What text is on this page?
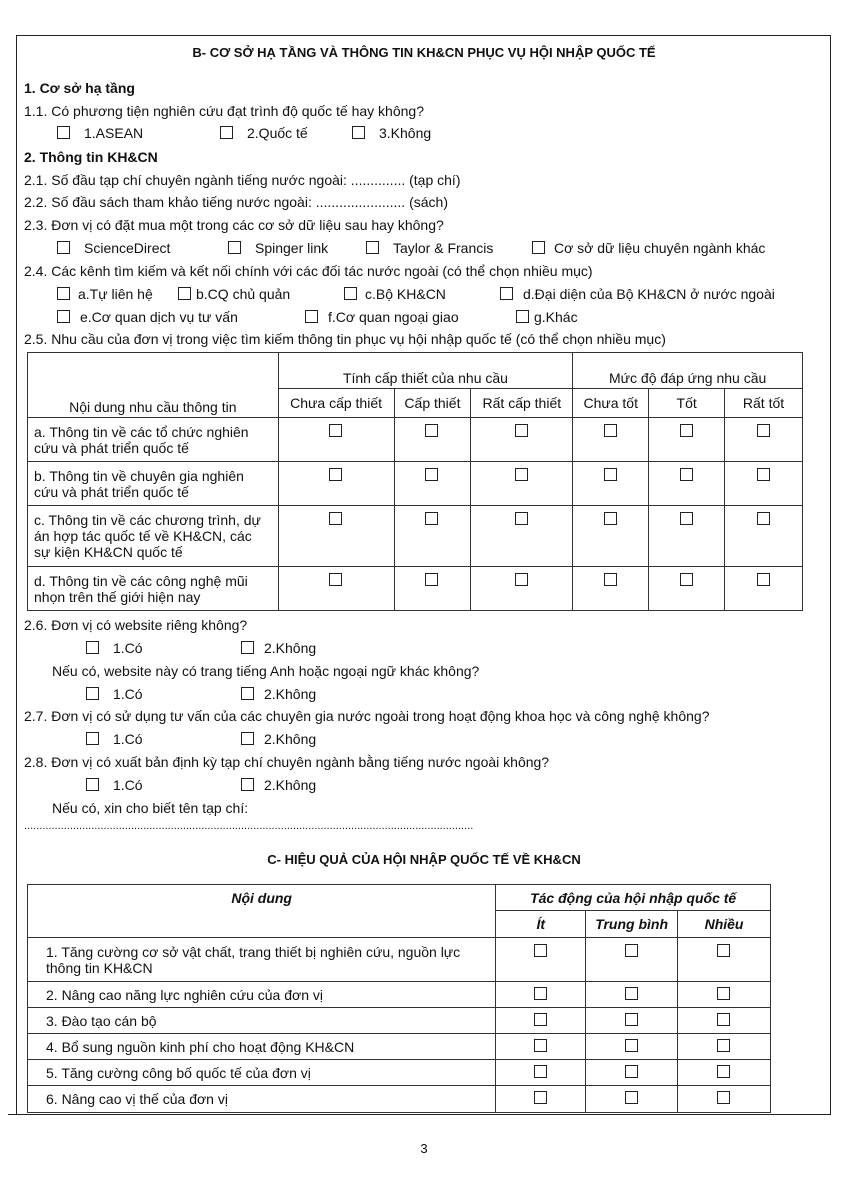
B- CƠ SỞ HẠ TẦNG VÀ THÔNG TIN KH&CN PHỤC VỤ HỘI NHẬP QUỐC TẾ
1. Cơ sở hạ tầng
1.1. Có phương tiện nghiên cứu đạt trình độ quốc tế hay không?
1.ASEAN	2.Quốc tế	3.Không
2. Thông tin KH&CN
2.1. Số đầu tạp chí chuyên ngành tiếng nước ngoài: .............. (tạp chí)
2.2. Số đầu sách tham khảo tiếng nước ngoài: ....................... (sách)
2.3. Đơn vị có đặt mua một trong các cơ sở dữ liệu sau hay không?
ScienceDirect	Spinger link	Taylor & Francis	Cơ sở dữ liệu chuyên ngành khác
2.4. Các kênh tìm kiếm và kết nối chính với các đối tác nước ngoài (có thể chọn nhiều mục)
a.Tự liên hệ	b.CQ chủ quản	c.Bộ KH&CN	d.Đại diện của Bộ KH&CN ở nước ngoài
e.Cơ quan dịch vụ tư vấn	f.Cơ quan ngoại giao	g.Khác
2.5. Nhu cầu của đơn vị trong việc tìm kiếm thông tin phục vụ hội nhập quốc tế (có thể chọn nhiều mục)
Nội dung nhu cầu thông tin	Tính cấp thiết của nhu cầu			Mức độ đáp ứng nhu cầu		
	Chưa cấp thiết	Cấp thiết	Rất cấp thiết	Chưa tốt	Tốt	Rất tốt
a. Thông tin về các tổ chức nghiên cứu và phát triển quốc tế	

b. Thông tin về chuyên gia nghiên cứu và phát triển quốc tế	

c. Thông tin về các chương trình, dự án hợp tác quốc tế về KH&CN, các sự kiện KH&CN quốc tế	

d. Thông tin về các công nghệ mũi nhọn trên thế giới hiện nay	

2.6. Đơn vị có website riêng không?
1.Có	2.Không
Nếu có, website này có trang tiếng Anh hoặc ngoại ngữ khác không?
1.Có	2.Không
2.7. Đơn vị có sử dụng tư vấn của các chuyên gia nước ngoài trong hoạt động khoa học và công nghệ không?
1.Có	2.Không
2.8. Đơn vị có xuất bản định kỳ tạp chí chuyên ngành bằng tiếng nước ngoài không?
1.Có	2.Không
Nếu có, xin cho biết tên tạp chí:
...................................................................................................................................................
C- HIỆU QUẢ CỦA HỘI NHẬP QUỐC TẾ VỀ KH&CN
Nội dung	Tác động của hội nhập quốc tế		
	Ít	Trung bình	Nhiều
1. Tăng cường cơ sở vật chất, trang thiết bị nghiên cứu, nguồn lực thông tin KH&CN	

2. Nâng cao năng lực nghiên cứu của đơn vị	

3. Đào tạo cán bộ	

4. Bổ sung nguồn kinh phí cho hoạt động KH&CN	

5. Tăng cường công bố quốc tế của đơn vị	

6. Nâng cao vị thế của đơn vị	

3
